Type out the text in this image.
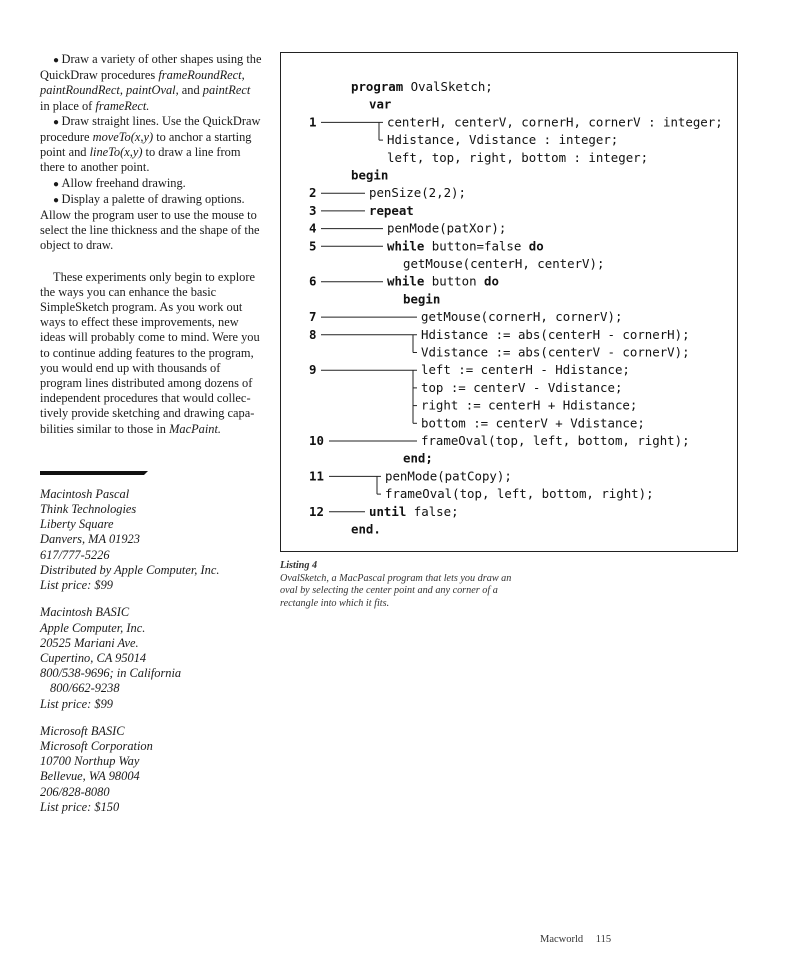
● Draw a variety of other shapes using the QuickDraw procedures frameRoundRect, paintRoundRect, paintOval, and paintRect in place of frameRect.

● Draw straight lines. Use the QuickDraw procedure moveTo(x,y) to anchor a starting point and lineTo(x,y) to draw a line from there to another point.

● Allow freehand drawing.

● Display a palette of drawing options. Allow the program user to use the mouse to select the line thickness and the shape of the object to draw.

These experiments only begin to explore the ways you can enhance the basic SimpleSketch program. As you work out ways to effect these improvements, new ideas will probably come to mind. Were you to continue adding features to the program, you would end up with thousands of program lines distributed among dozens of independent procedures that would collectively provide sketching and drawing capabilities similar to those in MacPaint.

Macintosh Pascal
Think Technologies
Liberty Square
Danvers, MA 01923
617/777-5226
Distributed by Apple Computer, Inc.
List price: $99
Macintosh BASIC
Apple Computer, Inc.
20525 Mariani Ave.
Cupertino, CA 95014
800/538-9696; in California
800/662-9238
List price: $99
Microsoft BASIC
Microsoft Corporation
10700 Northup Way
Bellevue, WA 98004
206/828-8080
List price: $150
program OvalSketch;
var
centerH, centerV, cornerH, cornerV : integer;
Hdistance, Vdistance : integer;
left, top, right, bottom : integer;
begin
penSize(2,2);
repeat
penMode(patXor);
while button=false do
getMouse(centerH, centerV);
while button do
begin
getMouse(cornerH, cornerV);
Hdistance := abs(centerH - cornerH);
Vdistance := abs(centerV - cornerV);
left := centerH - Hdistance;
top := centerV - Vdistance;
right := centerH + Hdistance;
bottom := centerV + Vdistance;
frameOval(top, left, bottom, right);
end;
penMode(patCopy);
frameOval(top, left, bottom, right);
until false;
end.
1
2
3
4
5
6
7
8
9
10
11
12
Listing 4
OvalSketch, a MacPascal program that lets you draw an oval by selecting the center point and any corner of a rectangle into which it fits.
Macworld 115
